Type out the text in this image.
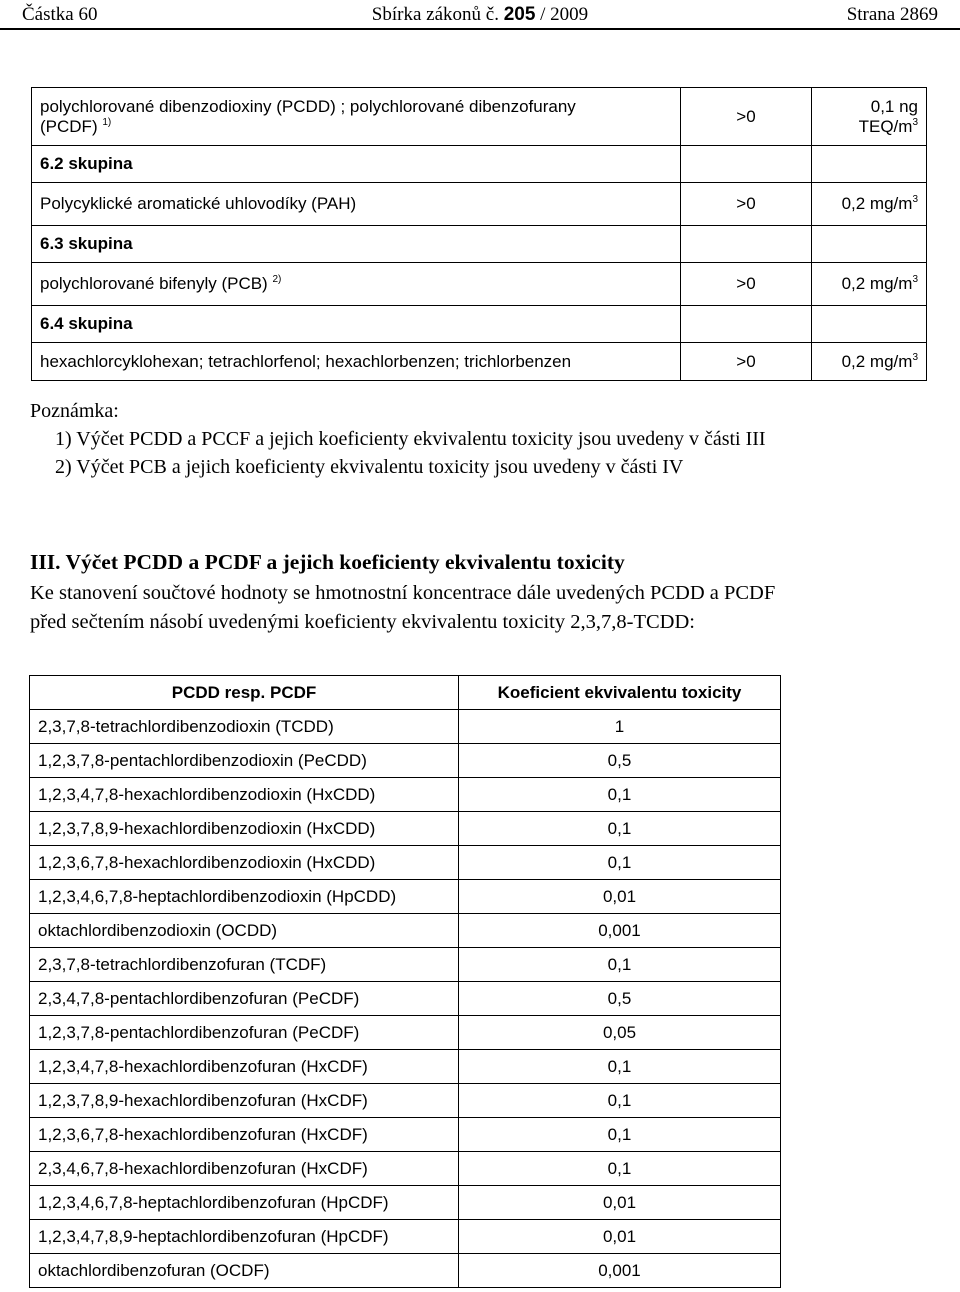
Částka 60	Sbírka zákonů č. 205 / 2009	Strana 2869
polychlorované dibenzodioxiny (PCDD) ; polychlorované dibenzofurany
(PCDF) $^{1)}$	>0	0,1 ng
TEQ/$m^3$
6.2 skupina		
Polycyklické aromatické uhlovodíky (PAH)	>0	0,2 $mg/m^3$
6.3 skupina		
polychlorované bifenyly (PCB) $^{2)}$	>0	0,2 $mg/m^3$
6.4 skupina		
hexachlorcyklohexan; tetrachlorfenol; hexachlorbenzen; trichlorbenzen	>0	0,2 $mg/m^3$

Poznámka:

1) Výčet PCDD a PCCF a jejich koeficienty ekvivalentu toxicity jsou uvedeny v části III

2) Výčet PCB a jejich koeficienty ekvivalentu toxicity jsou uvedeny v části IV

III. Výčet PCDD a PCDF a jejich koeficienty ekvivalentu toxicity

Ke stanovení součtové hodnoty se hmotnostní koncentrace dále uvedených PCDD a PCDF

před sečtením násobí uvedenými koeficienty ekvivalentu toxicity 2,3,7,8-TCDD:

PCDD resp. PCDF	Koeficient ekvivalentu toxicity
2,3,7,8-tetrachlordibenzodioxin (TCDD)	1
1,2,3,7,8-pentachlordibenzodioxin (PeCDD)	0,5
1,2,3,4,7,8-hexachlordibenzodioxin (HxCDD)	0,1
1,2,3,7,8,9-hexachlordibenzodioxin (HxCDD)	0,1
1,2,3,6,7,8-hexachlordibenzodioxin (HxCDD)	0,1
1,2,3,4,6,7,8-heptachlordibenzodioxin (HpCDD)	0,01
oktachlordibenzodioxin (OCDD)	0,001
2,3,7,8-tetrachlordibenzofuran (TCDF)	0,1
2,3,4,7,8-pentachlordibenzofuran (PeCDF)	0,5
1,2,3,7,8-pentachlordibenzofuran (PeCDF)	0,05
1,2,3,4,7,8-hexachlordibenzofuran (HxCDF)	0,1
1,2,3,7,8,9-hexachlordibenzofuran (HxCDF)	0,1
1,2,3,6,7,8-hexachlordibenzofuran (HxCDF)	0,1
2,3,4,6,7,8-hexachlordibenzofuran (HxCDF)	0,1
1,2,3,4,6,7,8-heptachlordibenzofuran (HpCDF)	0,01
1,2,3,4,7,8,9-heptachlordibenzofuran (HpCDF)	0,01
oktachlordibenzofuran (OCDF)	0,001
